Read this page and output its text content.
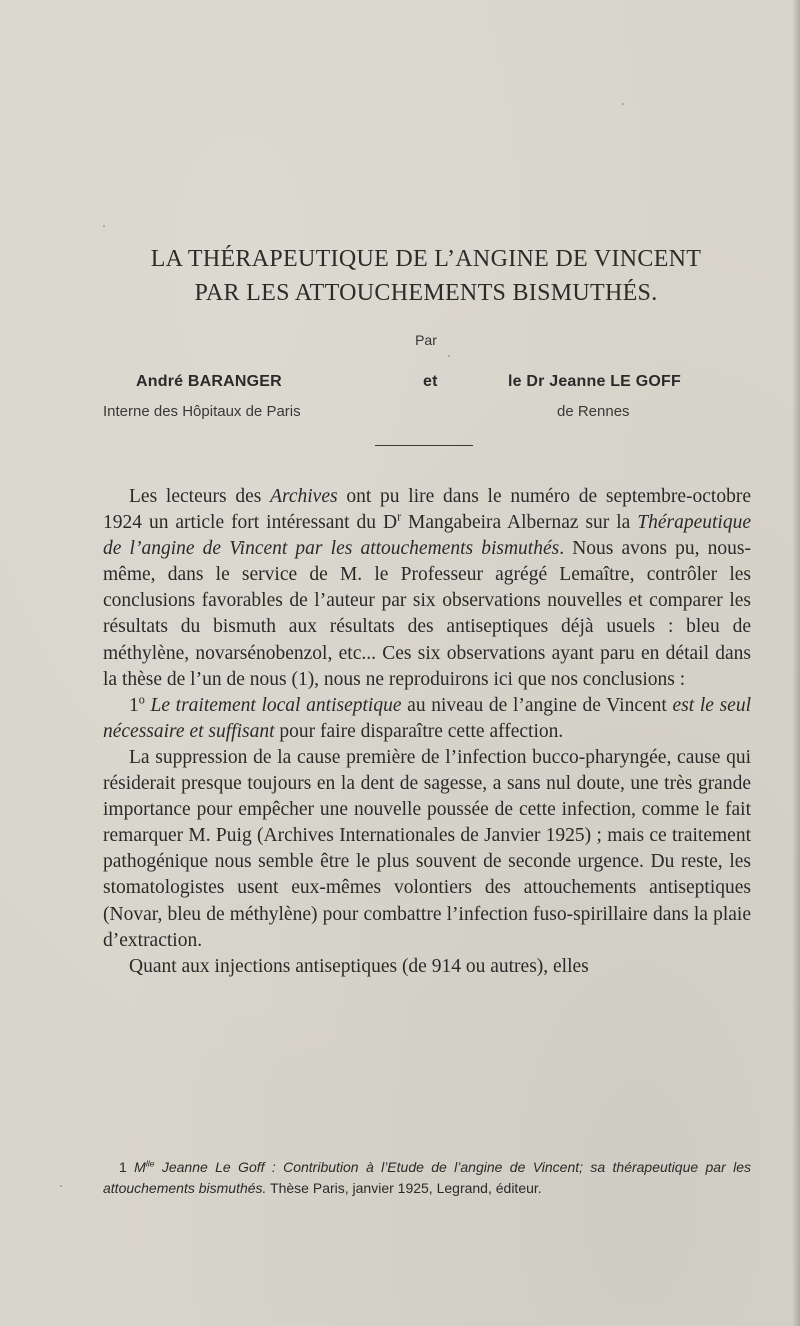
LA THÉRAPEUTIQUE DE L’ANGINE DE VINCENT
PAR LES ATTOUCHEMENTS BISMUTHÉS.
Par
André BARANGER	et	le Dr Jeanne LE GOFF
Interne des Hôpitaux de Paris	de Rennes

Les lecteurs des Archives ont pu lire dans le numéro de septembre-octobre 1924 un article fort intéressant du $D^r$ Mangabeira Albernaz sur la Thérapeutique de l’angine de Vincent par les attouchements bismuthés. Nous avons pu, nous-même, dans le service de M. le Professeur agrégé Lemaître, contrôler les conclusions favorables de l’auteur par six observations nouvelles et comparer les résultats du bismuth aux résultats des antiseptiques déjà usuels : bleu de méthylène, novarsénobenzol, etc... Ces six observations ayant paru en détail dans la thèse de l’un de nous (1), nous ne reproduirons ici que nos conclusions :

1$^o$ Le traitement local antiseptique au niveau de l’angine de Vincent est le seul nécessaire et suffisant pour faire disparaître cette affection.

La suppression de la cause première de l’infection bucco-pharyngée, cause qui résiderait presque toujours en la dent de sagesse, a sans nul doute, une très grande importance pour empêcher une nouvelle poussée de cette infection, comme le fait remarquer M. Puig (Archives Internationales de Janvier 1925) ; mais ce traitement pathogénique nous semble être le plus souvent de seconde urgence. Du reste, les stomatologistes usent eux-mêmes volontiers des attouchements antiseptiques (Novar, bleu de méthylène) pour combattre l’infection fuso-spirillaire dans la plaie d’extraction.

Quant aux injections antiseptiques (de 914 ou autres), elles

1 $M^{lle}$ Jeanne Le Goff : Contribution à l’Etude de l’angine de Vincent; sa thérapeutique par les attouchements bismuthés. Thèse Paris, janvier 1925, Legrand, éditeur.
